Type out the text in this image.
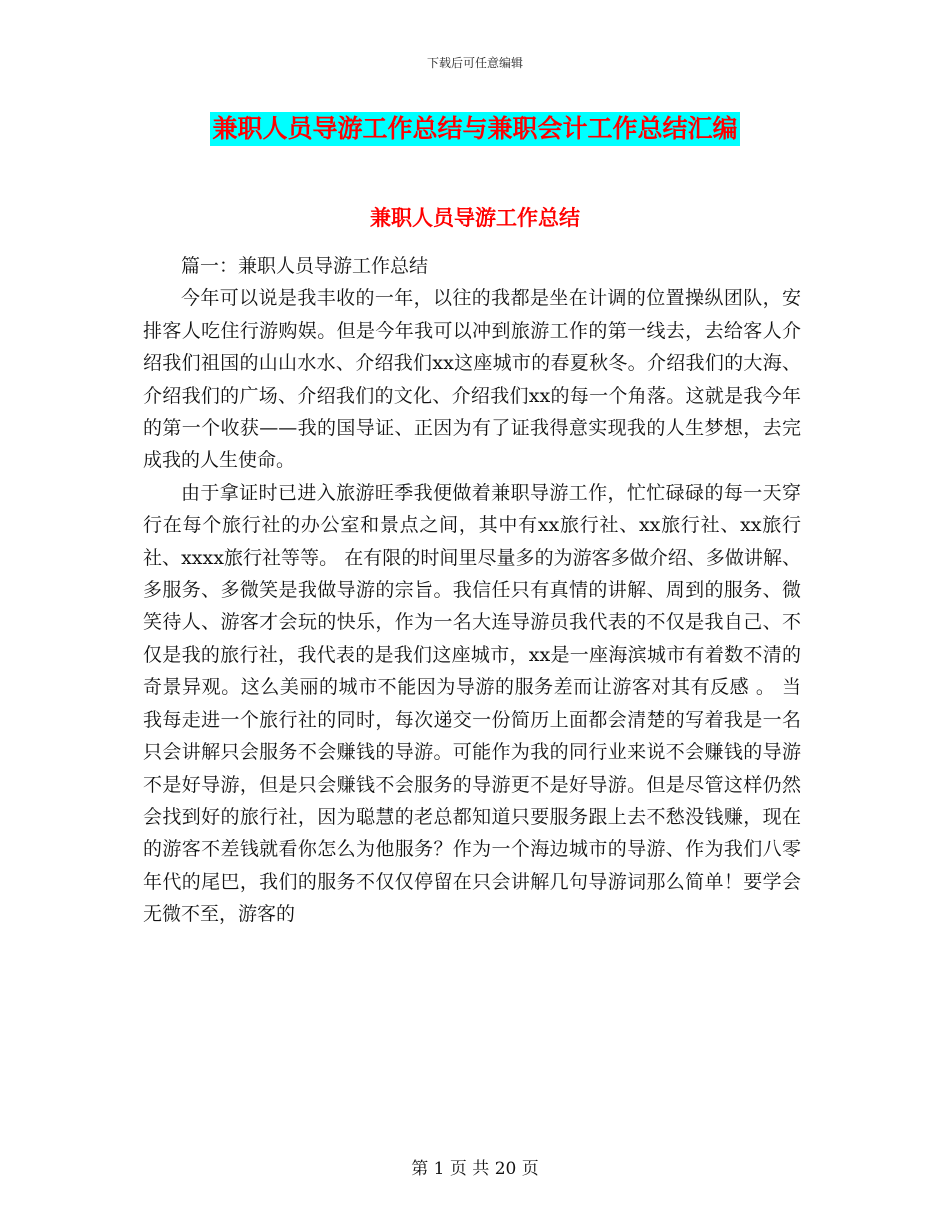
下载后可任意编辑
兼职人员导游工作总结与兼职会计工作总结汇编
兼职人员导游工作总结

篇一：兼职人员导游工作总结

今年可以说是我丰收的一年，以往的我都是坐在计调的位置操纵团队，安排客人吃住行游购娱。但是今年我可以冲到旅游工作的第一线去，去给客人介绍我们祖国的山山水水、介绍我们xx这座城市的春夏秋冬。介绍我们的大海、介绍我们的广场、介绍我们的文化、介绍我们xx的每一个角落。这就是我今年的第一个收获——我的国导证、正因为有了证我得意实现我的人生梦想，去完成我的人生使命。

由于拿证时已进入旅游旺季我便做着兼职导游工作，忙忙碌碌的每一天穿行在每个旅行社的办公室和景点之间，其中有xx旅行社、xx旅行社、xx旅行社、xxxx旅行社等等。 在有限的时间里尽量多的为游客多做介绍、多做讲解、多服务、多微笑是我做导游的宗旨。我信任只有真情的讲解、周到的服务、微笑待人、游客才会玩的快乐，作为一名大连导游员我代表的不仅是我自己、不仅是我的旅行社，我代表的是我们这座城市，xx是一座海滨城市有着数不清的奇景异观。这么美丽的城市不能因为导游的服务差而让游客对其有反感 。 当我每走进一个旅行社的同时，每次递交一份简历上面都会清楚的写着我是一名只会讲解只会服务不会赚钱的导游。可能作为我的同行业来说不会赚钱的导游不是好导游，但是只会赚钱不会服务的导游更不是好导游。但是尽管这样仍然会找到好的旅行社，因为聪慧的老总都知道只要服务跟上去不愁没钱赚，现在的游客不差钱就看你怎么为他服务？作为一个海边城市的导游、作为我们八零年代的尾巴，我们的服务不仅仅停留在只会讲解几句导游词那么简单！要学会无微不至，游客的

第 1 页 共 20 页
